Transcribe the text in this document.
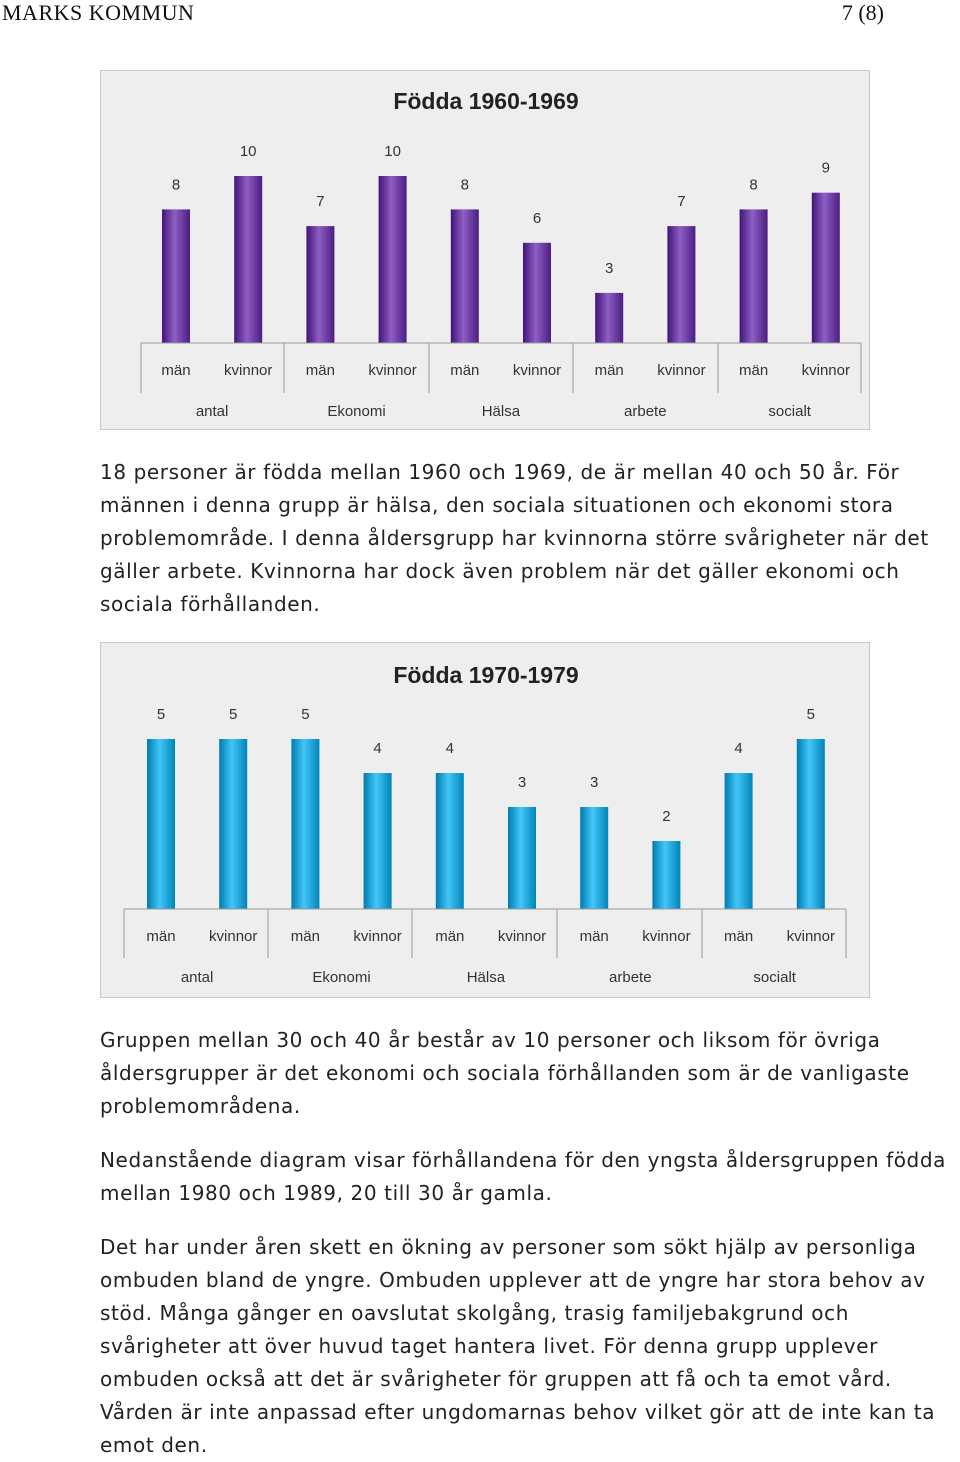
MARKS KOMMUN	7 (8)
Födda 1960-1969
8
10
7
10
8
6
3
7
8
9
män kvinnor män kvinnor män kvinnor män kvinnor män kvinnor
antal	Ekonomi	Hälsa	arbete	socialt

18 personer är födda mellan 1960 och 1969, de är mellan 40 och 50 år. För männen i denna grupp är hälsa, den sociala situationen och ekonomi stora problemområde. I denna åldersgrupp har kvinnorna större svårigheter när det gäller arbete. Kvinnorna har dock även problem när det gäller ekonomi och sociala förhållanden.

Födda 1970-1979
5	5	5
4	4
3	3
2
4
5
män kvinnor män kvinnor män kvinnor män kvinnor män kvinnor
antal	Ekonomi	Hälsa	arbete	socialt

Gruppen mellan 30 och 40 år består av 10 personer och liksom för övriga åldersgrupper är det ekonomi och sociala förhållanden som är de vanligaste problemområdena.

Nedanstående diagram visar förhållandena för den yngsta åldersgruppen födda mellan 1980 och 1989, 20 till 30 år gamla.

Det har under åren skett en ökning av personer som sökt hjälp av personliga ombuden bland de yngre. Ombuden upplever att de yngre har stora behov av stöd. Många gånger en oavslutat skolgång, trasig familjebakgrund och svårigheter att över huvud taget hantera livet. För denna grupp upplever ombuden också att det är svårigheter för gruppen att få och ta emot vård. Vården är inte anpassad efter ungdomarnas behov vilket gör att de inte kan ta emot den.
